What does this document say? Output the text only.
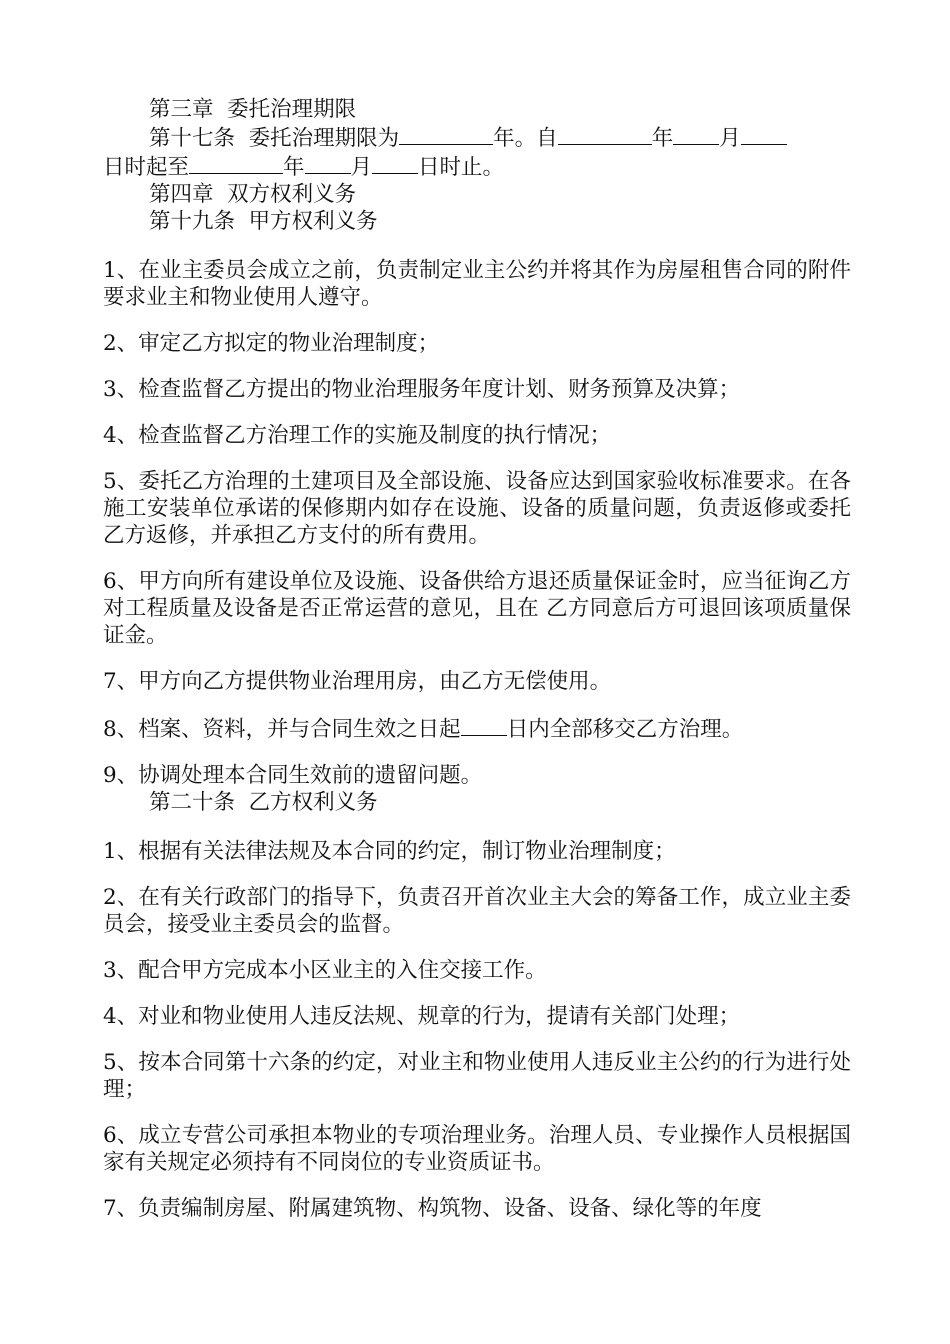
第三章  委托治理期限
第十七条  委托治理期限为	年。自	年 月
日时起至	年 月 日时止。
第四章  双方权利义务
第十九条  甲方权利义务
1、在业主委员会成立之前，负责制定业主公约并将其作为房屋租售合同的附件要求业主和物业使用人遵守。
2、审定乙方拟定的物业治理制度；
3、检查监督乙方提出的物业治理服务年度计划、财务预算及决算；
4、检查监督乙方治理工作的实施及制度的执行情况；
5、委托乙方治理的土建项目及全部设施、设备应达到国家验收标准要求。在各施工安装单位承诺的保修期内如存在设施、设备的质量问题，负责返修或委托乙方返修，并承担乙方支付的所有费用。
6、甲方向所有建设单位及设施、设备供给方退还质量保证金时，应当征询乙方对工程质量及设备是否正常运营的意见，且在 乙方同意后方可退回该项质量保证金。
7、甲方向乙方提供物业治理用房，由乙方无偿使用。
8、档案、资料，并与合同生效之日起 日内全部移交乙方治理。
9、协调处理本合同生效前的遗留问题。
第二十条  乙方权利义务
1、根据有关法律法规及本合同的约定，制订物业治理制度；
2、在有关行政部门的指导下，负责召开首次业主大会的筹备工作，成立业主委员会，接受业主委员会的监督。
3、配合甲方完成本小区业主的入住交接工作。
4、对业和物业使用人违反法规、规章的行为，提请有关部门处理；
5、按本合同第十六条的约定，对业主和物业使用人违反业主公约的行为进行处理；
6、成立专营公司承担本物业的专项治理业务。治理人员、专业操作人员根据国家有关规定必须持有不同岗位的专业资质证书。
7、负责编制房屋、附属建筑物、构筑物、设备、设备、绿化等的年度
